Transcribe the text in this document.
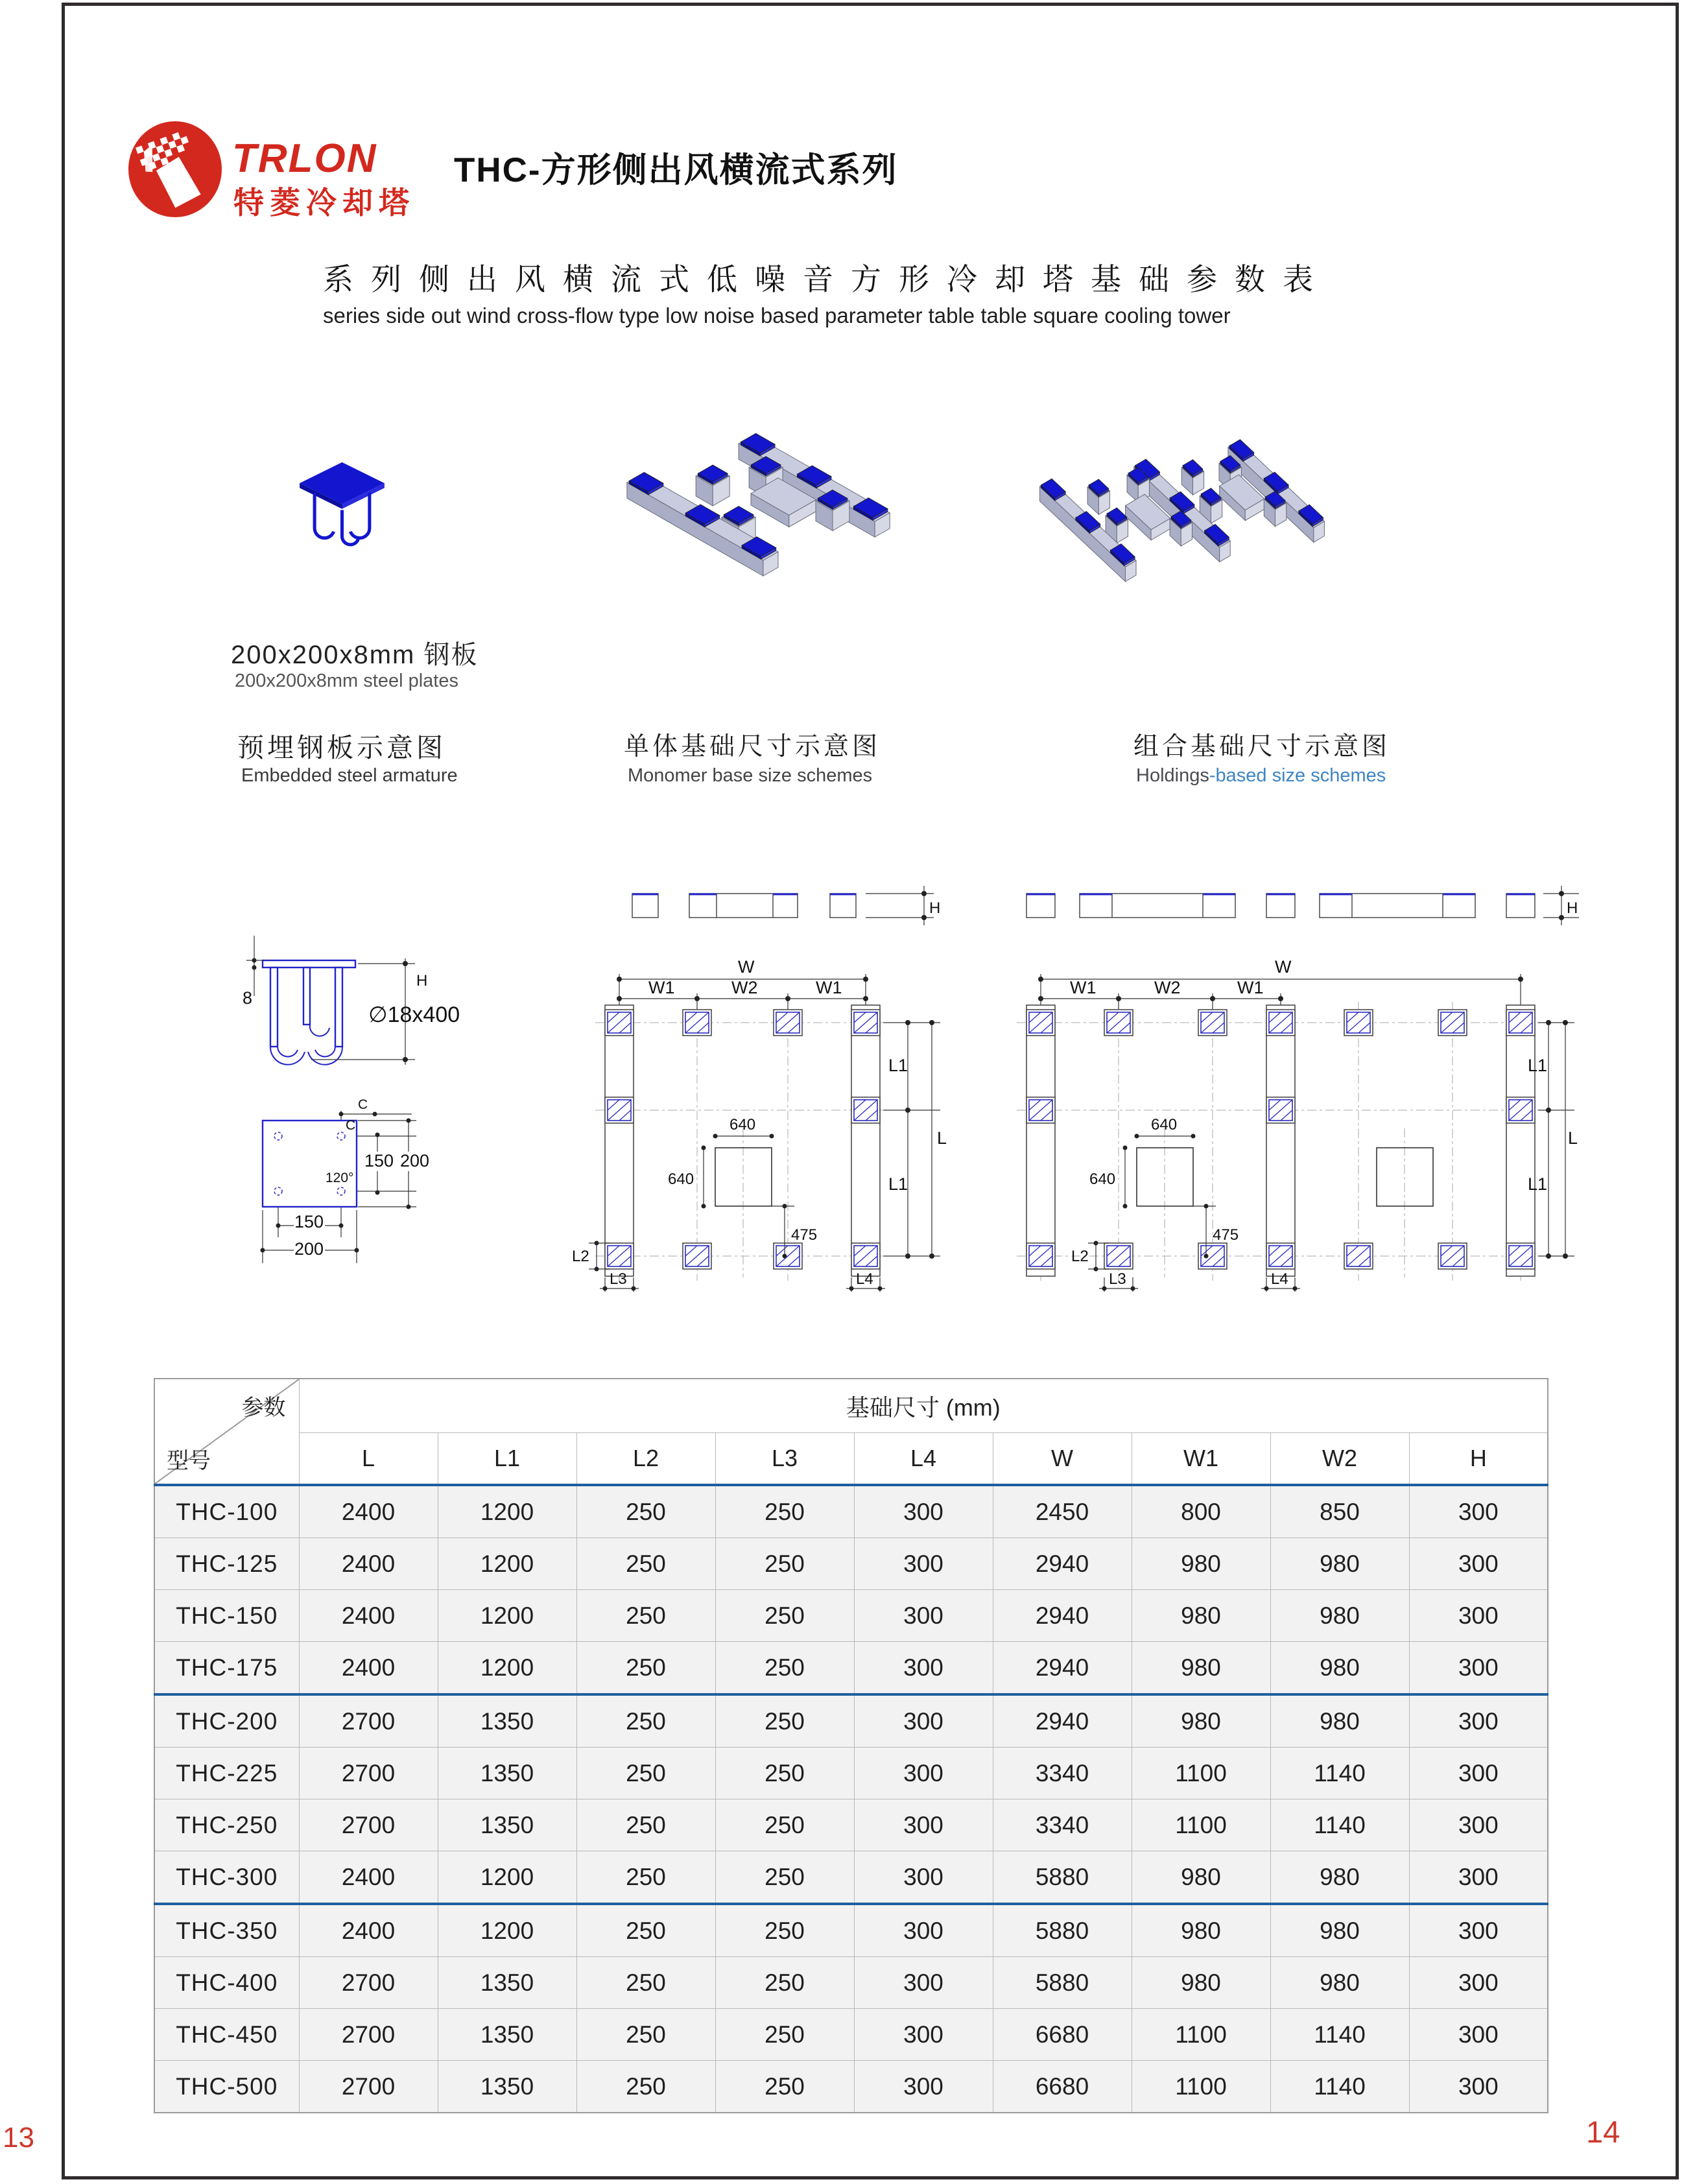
TRLON
特菱冷却塔
THC-方形侧出风横流式系列
系列侧出风横流式低噪音方形冷却塔基础参数表
series side out wind cross-flow type low noise based parameter table table square cooling tower
200x200x8mm 钢板
200x200x8mm steel plates
预埋钢板示意图
Embedded steel armature
单体基础尺寸示意图
Monomer base size schemes
组合基础尺寸示意图
Holdings-based size schemes
8
H
∅18x400
C
C
150 200
120°
150
200
H
W
W1	W2	W1
640
640
475
L1
L
L1
L2
L3	L4
H
W
W1	W2	W1
640
640
475
L1
L
L1
L2
L3	L4
参数
型号	基础尺寸 (mm)								
	L	L1	L2	L3	L4	W	W1	W2	H
THC-100	2400	1200	250	250	300	2450	800	850	300
THC-125	2400	1200	250	250	300	2940	980	980	300
THC-150	2400	1200	250	250	300	2940	980	980	300
THC-175	2400	1200	250	250	300	2940	980	980	300
THC-200	2700	1350	250	250	300	2940	980	980	300
THC-225	2700	1350	250	250	300	3340	1100	1140	300
THC-250	2700	1350	250	250	300	3340	1100	1140	300
THC-300	2400	1200	250	250	300	5880	980	980	300
THC-350	2400	1200	250	250	300	5880	980	980	300
THC-400	2700	1350	250	250	300	5880	980	980	300
THC-450	2700	1350	250	250	300	6680	1100	1140	300
THC-500	2700	1350	250	250	300	6680	1100	1140	300
13	14
